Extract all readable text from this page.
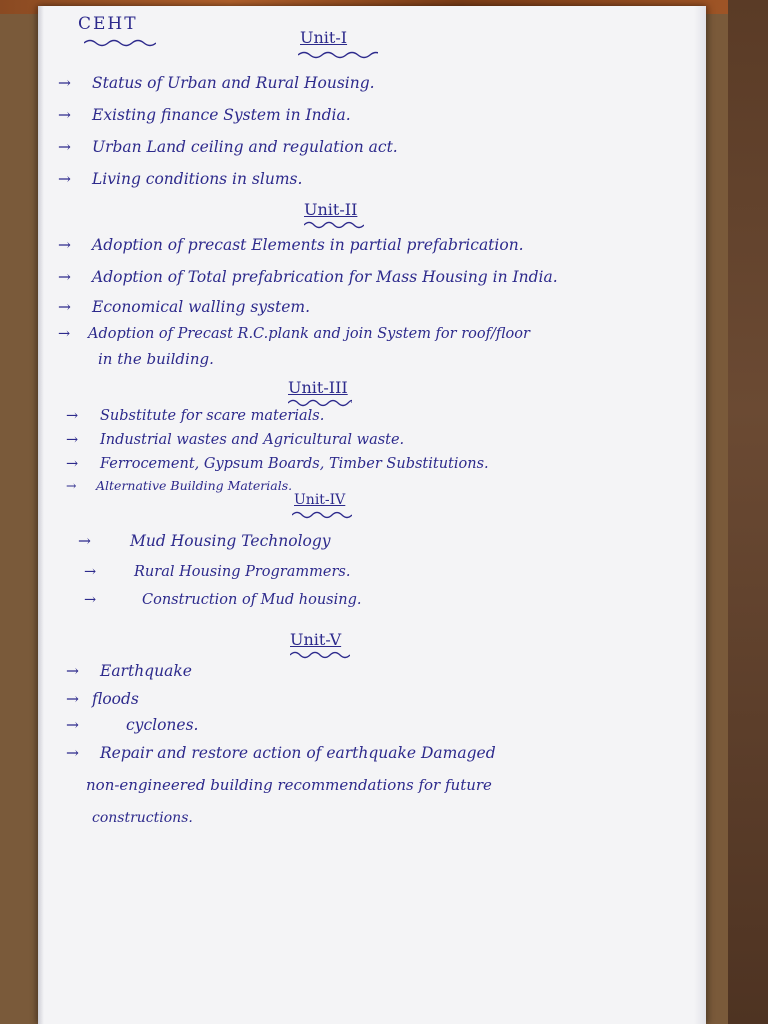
CEHT
Unit-I
→ Status of Urban and Rural Housing.
→ Existing finance System in India.
→ Urban Land ceiling and regulation act.
→ Living conditions in slums.
Unit-II
→ Adoption of precast Elements in partial prefabrication.
→ Adoption of Total prefabrication for Mass Housing in India.
→ Economical walling system.
→ Adoption of Precast R.C.plank and join System for roof/floor
in the building.
Unit-III
→ Substitute for scare materials.
→ Industrial wastes and Agricultural waste.
→ Ferrocement, Gypsum Boards, Timber Substitutions.
→ Alternative Building Materials.
Unit-IV
→	Mud Housing Technology
→	Rural Housing Programmers.
→	Construction of Mud housing.
Unit-V
→ Earthquake
→ floods
→	cyclones.
→ Repair and restore action of earthquake Damaged
non-engineered building recommendations for future
constructions.
